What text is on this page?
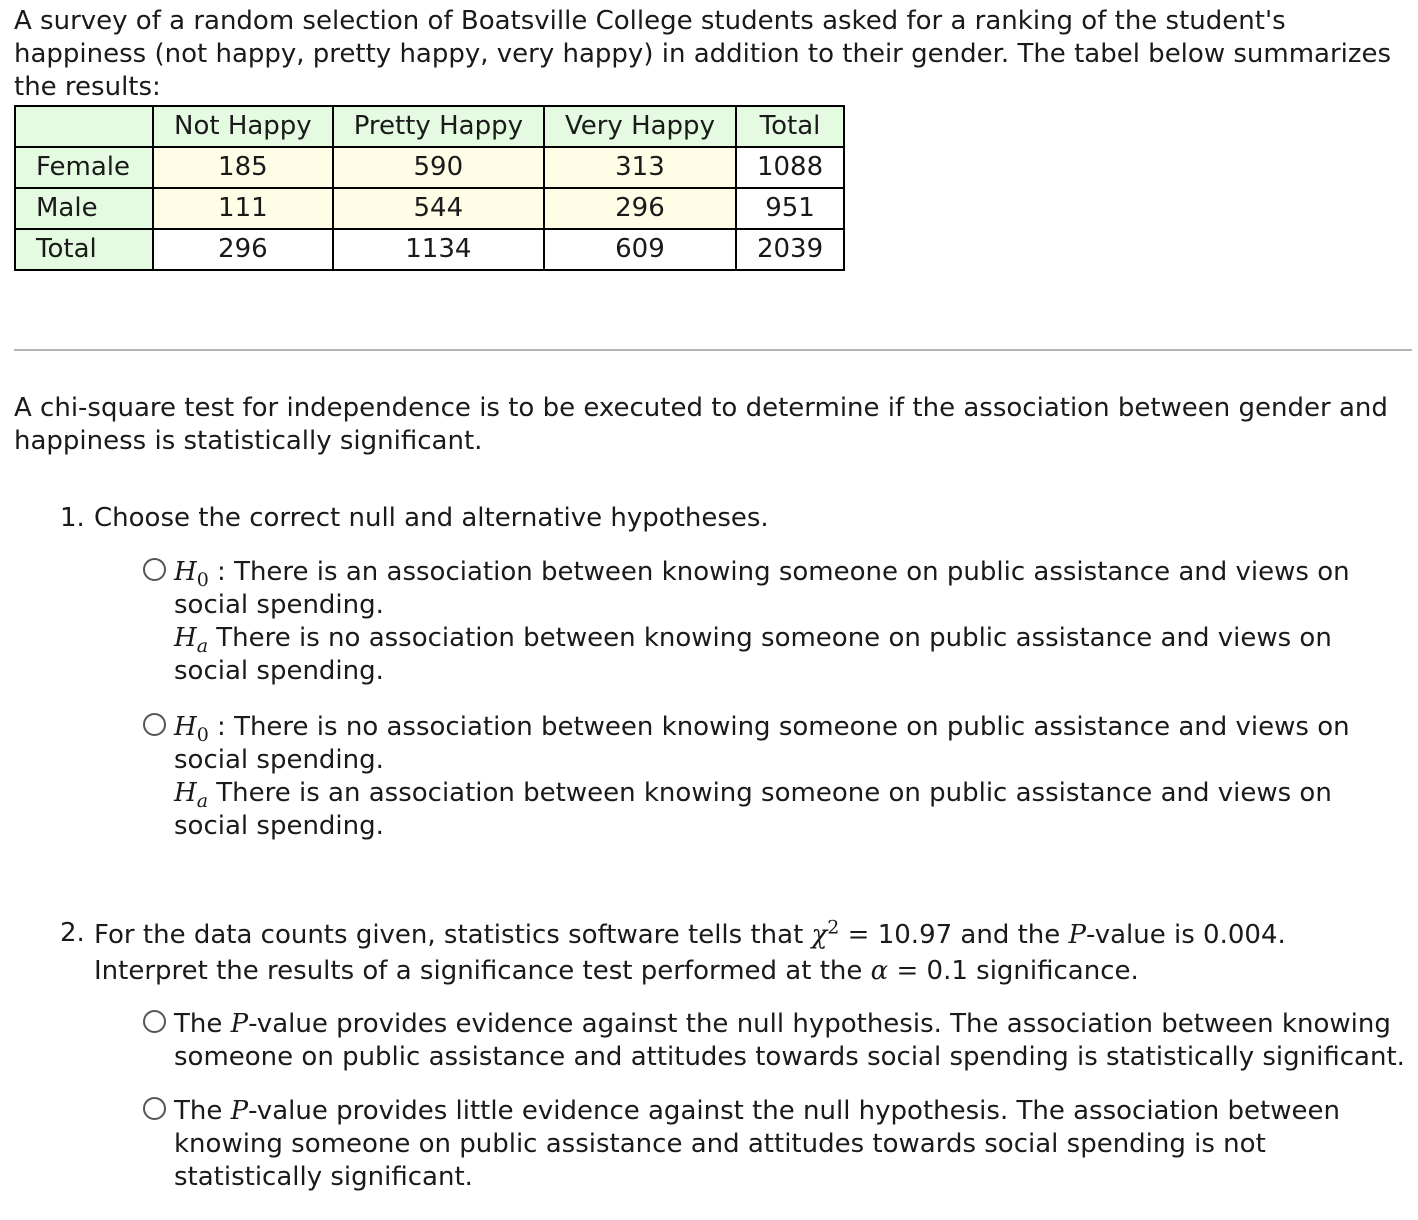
A survey of a random selection of Boatsville College students asked for a ranking of the student's happiness (not happy, pretty happy, very happy) in addition to their gender. The tabel below summarizes the results:

	Not Happy	Pretty Happy	Very Happy	Total
Female	185	590	313	1088
Male	111	544	296	951
Total	296	1134	609	2039

A chi-square test for independence is to be executed to determine if the association between gender and happiness is statistically significant.

1. Choose the correct null and alternative hypotheses.

$H_0$ : There is an association between knowing someone on public assistance and views on social spending.
$H_a$ There is no association between knowing someone on public assistance and views on social spending.
$H_0$ : There is no association between knowing someone on public assistance and views on social spending.
$H_a$ There is an association between knowing someone on public assistance and views on social spending.
2. For the data counts given, statistics software tells that $\chi^2 = 10.97$ and the P-value is 0.004.
Interpret the results of a significance test performed at the α = 0.1 significance.

The P-value provides evidence against the null hypothesis. The association between knowing someone on public assistance and attitudes towards social spending is statistically significant.
The P-value provides little evidence against the null hypothesis. The association between knowing someone on public assistance and attitudes towards social spending is not statistically significant.
